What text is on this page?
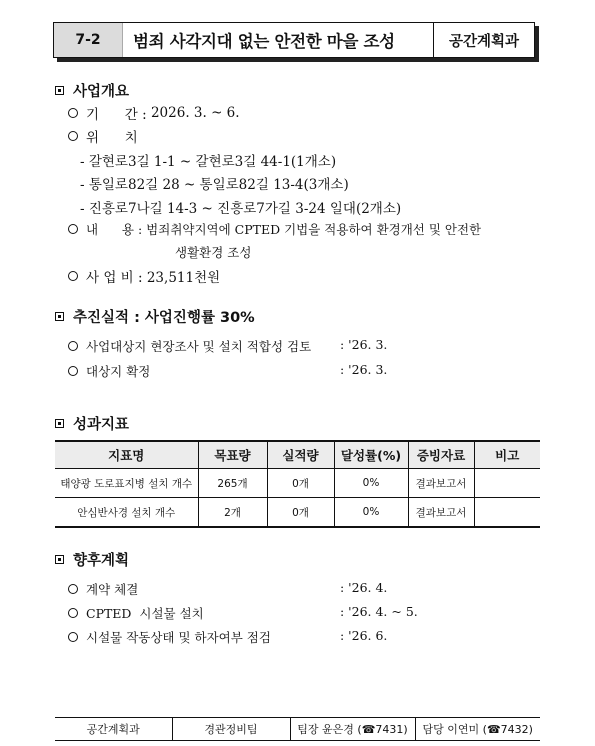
7-2	범죄 사각지대 없는 안전한 마을 조성	공간계획과
사업개요
기      간 :
2026. 3. ~ 6.
위      치
- 갈현로3길 1-1 ~ 갈현로3길 44-1(1개소)
- 통일로82길 28 ~ 통일로82길 13-4(3개소)
- 진흥로7나길 14-3 ~ 진흥로7가길 3-24 일대(2개소)
내      용 :
범죄취약지역에 CPTED 기법을 적용하여 환경개선 및 안전한
생활환경 조성
사 업 비 :
23,511천원
추진실적 : 사업진행률 30%
사업대상지 현장조사 및 설치 적합성 검토 : '26. 3.
대상지 확정	: '26. 3.
성과지표
지표명	목표량	실적량	달성률(%)	증빙자료	비고
태양광 도로표지병 설치 개수	265개	0개	0%	결과보고서	
안심반사경 설치 개수	2개	0개	0%	결과보고서	
향후계획
계약 체결	: '26. 4.
CPTED  시설물 설치	: '26. 4. ~ 5.
시설물 작동상태 및 하자여부 점검	: '26. 6.
공간계획과	경관정비팀	팀장 윤은경 (☎7431)	담당 이연미 (☎7432)
